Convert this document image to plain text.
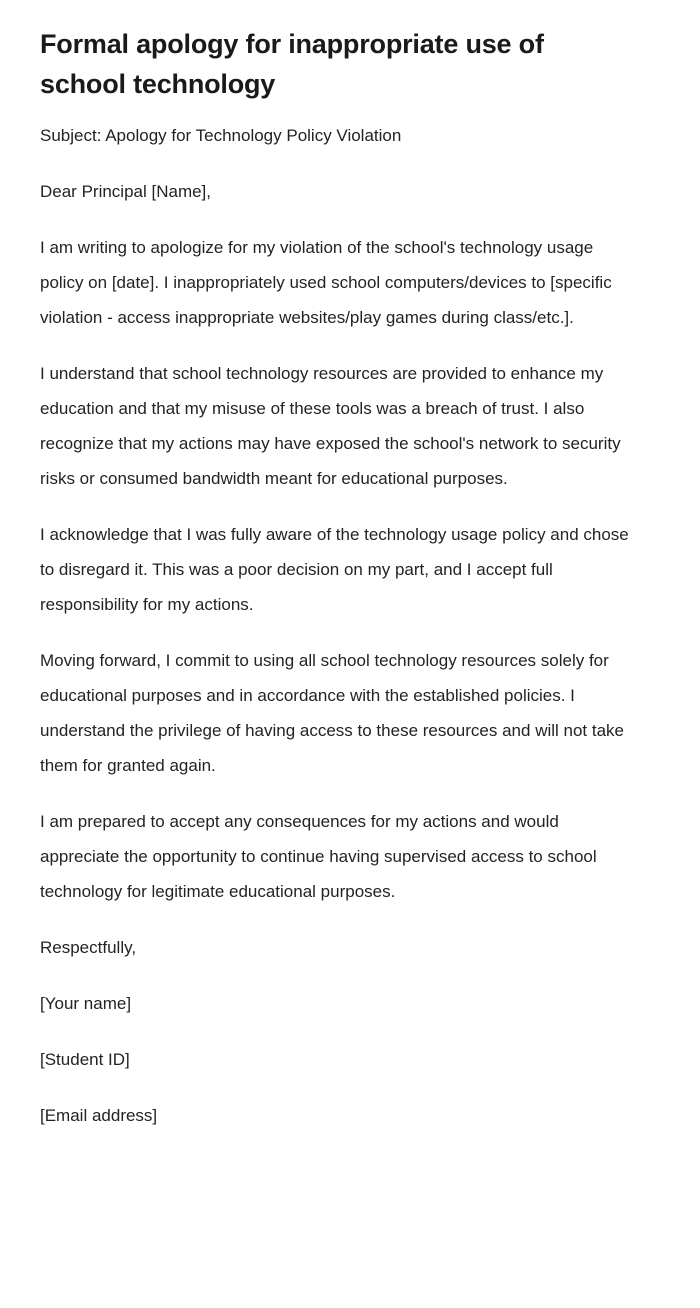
Formal apology for inappropriate use of school technology

Subject: Apology for Technology Policy Violation

Dear Principal [Name],

I am writing to apologize for my violation of the school's technology usage policy on [date]. I inappropriately used school computers/devices to [specific violation - access inappropriate websites/play games during class/etc.].

I understand that school technology resources are provided to enhance my education and that my misuse of these tools was a breach of trust. I also recognize that my actions may have exposed the school's network to security risks or consumed bandwidth meant for educational purposes.

I acknowledge that I was fully aware of the technology usage policy and chose to disregard it. This was a poor decision on my part, and I accept full responsibility for my actions.

Moving forward, I commit to using all school technology resources solely for educational purposes and in accordance with the established policies. I understand the privilege of having access to these resources and will not take them for granted again.

I am prepared to accept any consequences for my actions and would appreciate the opportunity to continue having supervised access to school technology for legitimate educational purposes.

Respectfully,

[Your name]

[Student ID]

[Email address]
